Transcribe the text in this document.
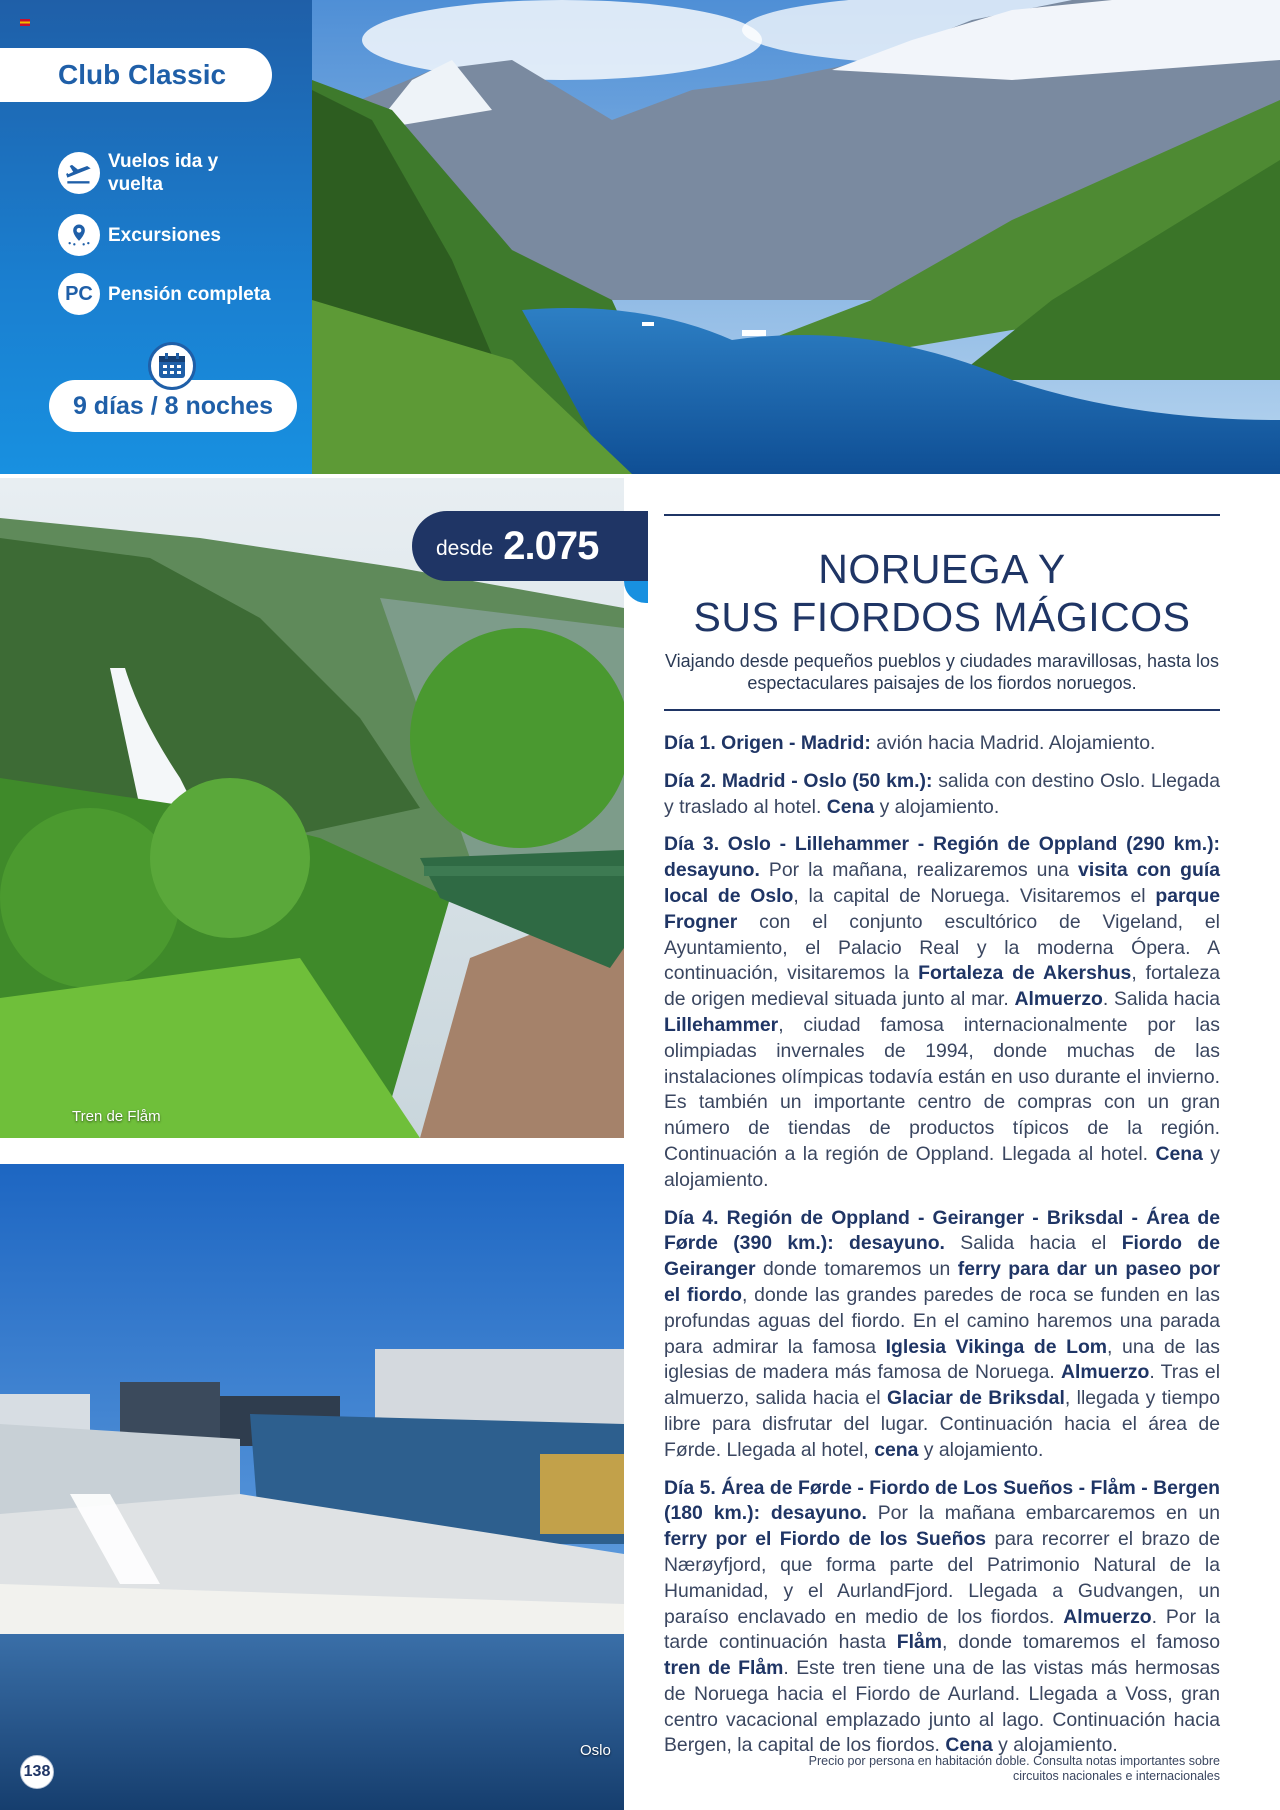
Club Classic
Vuelos ida y vuelta
Excursiones
PC Pensión completa
9 días / 8 noches
Tren de Flåm
Oslo
desde 2.075
NORUEGA Y
SUS FIORDOS MÁGICOS
Viajando desde pequeños pueblos y ciudades maravillosas, hasta los espectaculares paisajes de los fiordos noruegos.

Día 1. Origen - Madrid: avión hacia Madrid. Alojamiento.

Día 2. Madrid - Oslo (50 km.): salida con destino Oslo. Llegada y traslado al hotel. Cena y alojamiento.

Día 3. Oslo - Lillehammer - Región de Oppland (290 km.): desayuno. Por la mañana, realizaremos una visita con guía local de Oslo, la capital de Noruega. Visitaremos el parque Frogner con el conjunto escultórico de Vigeland, el Ayuntamiento, el Palacio Real y la moderna Ópera. A continuación, visitaremos la Fortaleza de Akershus, fortaleza de origen medieval situada junto al mar. Almuerzo. Salida hacia Lillehammer, ciudad famosa internacionalmente por las olimpiadas invernales de 1994, donde muchas de las instalaciones olímpicas todavía están en uso durante el invierno. Es también un importante centro de compras con un gran número de tiendas de productos típicos de la región. Continuación a la región de Oppland. Llegada al hotel. Cena y alojamiento.

Día 4. Región de Oppland - Geiranger - Briksdal - Área de Førde (390 km.): desayuno. Salida hacia el Fiordo de Geiranger donde tomaremos un ferry para dar un paseo por el fiordo, donde las grandes paredes de roca se funden en las profundas aguas del fiordo. En el camino haremos una parada para admirar la famosa Iglesia Vikinga de Lom, una de las iglesias de madera más famosa de Noruega. Almuerzo. Tras el almuerzo, salida hacia el Glaciar de Briksdal, llegada y tiempo libre para disfrutar del lugar. Continuación hacia el área de Førde. Llegada al hotel, cena y alojamiento.

Día 5. Área de Førde - Fiordo de Los Sueños - Flåm - Bergen (180 km.): desayuno. Por la mañana embarcaremos en un ferry por el Fiordo de los Sueños para recorrer el brazo de Nærøyfjord, que forma parte del Patrimonio Natural de la Humanidad, y el AurlandFjord. Llegada a Gudvangen, un paraíso enclavado en medio de los fiordos. Almuerzo. Por la tarde continuación hasta Flåm, donde tomaremos el famoso tren de Flåm. Este tren tiene una de las vistas más hermosas de Noruega hacia el Fiordo de Aurland. Llegada a Voss, gran centro vacacional emplazado junto al lago. Continuación hacia Bergen, la capital de los fiordos. Cena y alojamiento.

138
Precio por persona en habitación doble. Consulta notas importantes sobre
circuitos nacionales e internacionales
